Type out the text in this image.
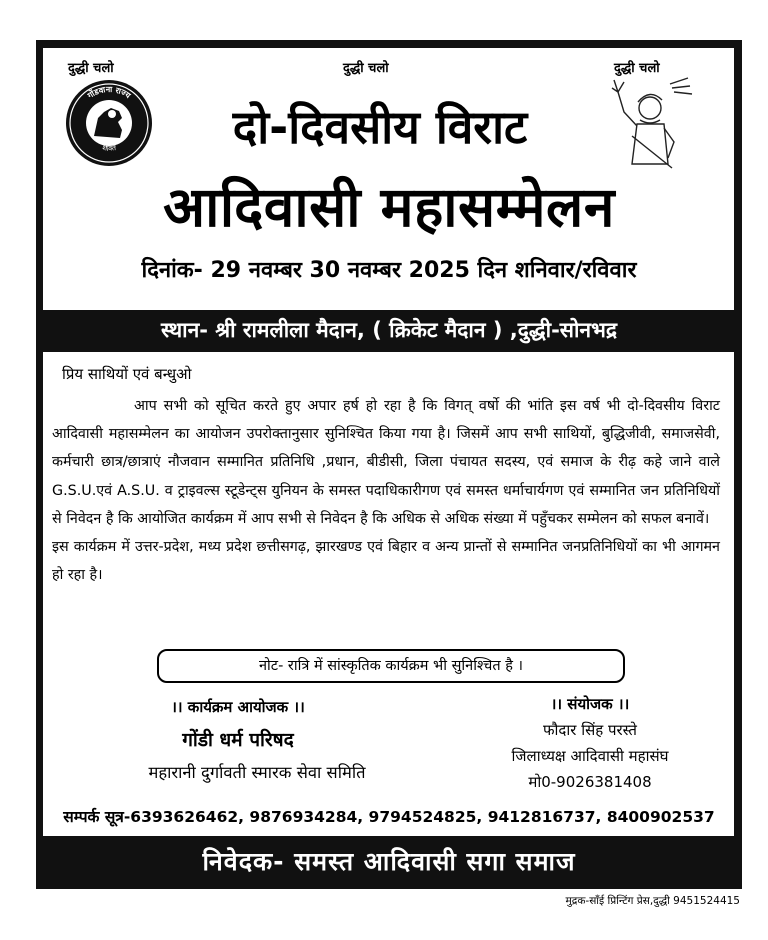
दुद्धी चलो	दुद्धी चलो	दुद्धी चलो
गोंडवाना राज्य
शक्ति	दो-दिवसीय विराट
आदिवासी महासम्मेलन
दिनांक- 29 नवम्बर 30 नवम्बर 2025 दिन शनिवार/रविवार
स्थान- श्री रामलीला मैदान, ( क्रिकेट मैदान ) ,दुद्धी-सोनभद्र
प्रिय साथियों एवं बन्धुओ

आप सभी को सूचित करते हुए अपार हर्ष हो रहा है कि विगत् वर्षो की भांति इस वर्ष भी दो-दिवसीय विराट आदिवासी महासम्मेलन का आयोजन उपरोक्तानुसार सुनिश्चित किया गया है। जिसमें आप सभी साथियों, बुद्धिजीवी, समाजसेवी, कर्मचारी छात्र/छात्राएं नौजवान सम्मानित प्रतिनिधि ,प्रधान, बीडीसी, जिला पंचायत सदस्य, एवं समाज के रीढ़ कहे जाने वाले G.S.U.एवं A.S.U. व ट्राइवल्स स्टूडेन्ट्स युनियन के समस्त पदाधिकारीगण एवं समस्त धर्माचार्यगण एवं सम्मानित जन प्रतिनिधियों से निवेदन है कि आयोजित कार्यक्रम में आप सभी से निवेदन है कि अधिक से अधिक संख्या में पहुँचकर सम्मेलन को सफल बनावें।

इस कार्यक्रम में उत्तर-प्रदेश, मध्य प्रदेश छत्तीसगढ़, झारखण्ड एवं बिहार व अन्य प्रान्तों से सम्मानित जनप्रतिनिधियों का भी आगमन हो रहा है।

नोट- रात्रि में सांस्कृतिक कार्यक्रम भी सुनिश्चित है ।
।। कार्यक्रम आयोजक ।।
गोंडी धर्म परिषद
महारानी दुर्गावती स्मारक सेवा समिति
।। संयोजक ।।
फौदार सिंह परस्ते
जिलाध्यक्ष आदिवासी महासंघ
मो0-9026381408
सम्पर्क सूत्र-6393626462, 9876934284, 9794524825, 9412816737, 8400902537
निवेदक- समस्त आदिवासी सगा समाज
मुद्रक-साँई प्रिन्टिंग प्रेस,दुद्धी 9451524415
